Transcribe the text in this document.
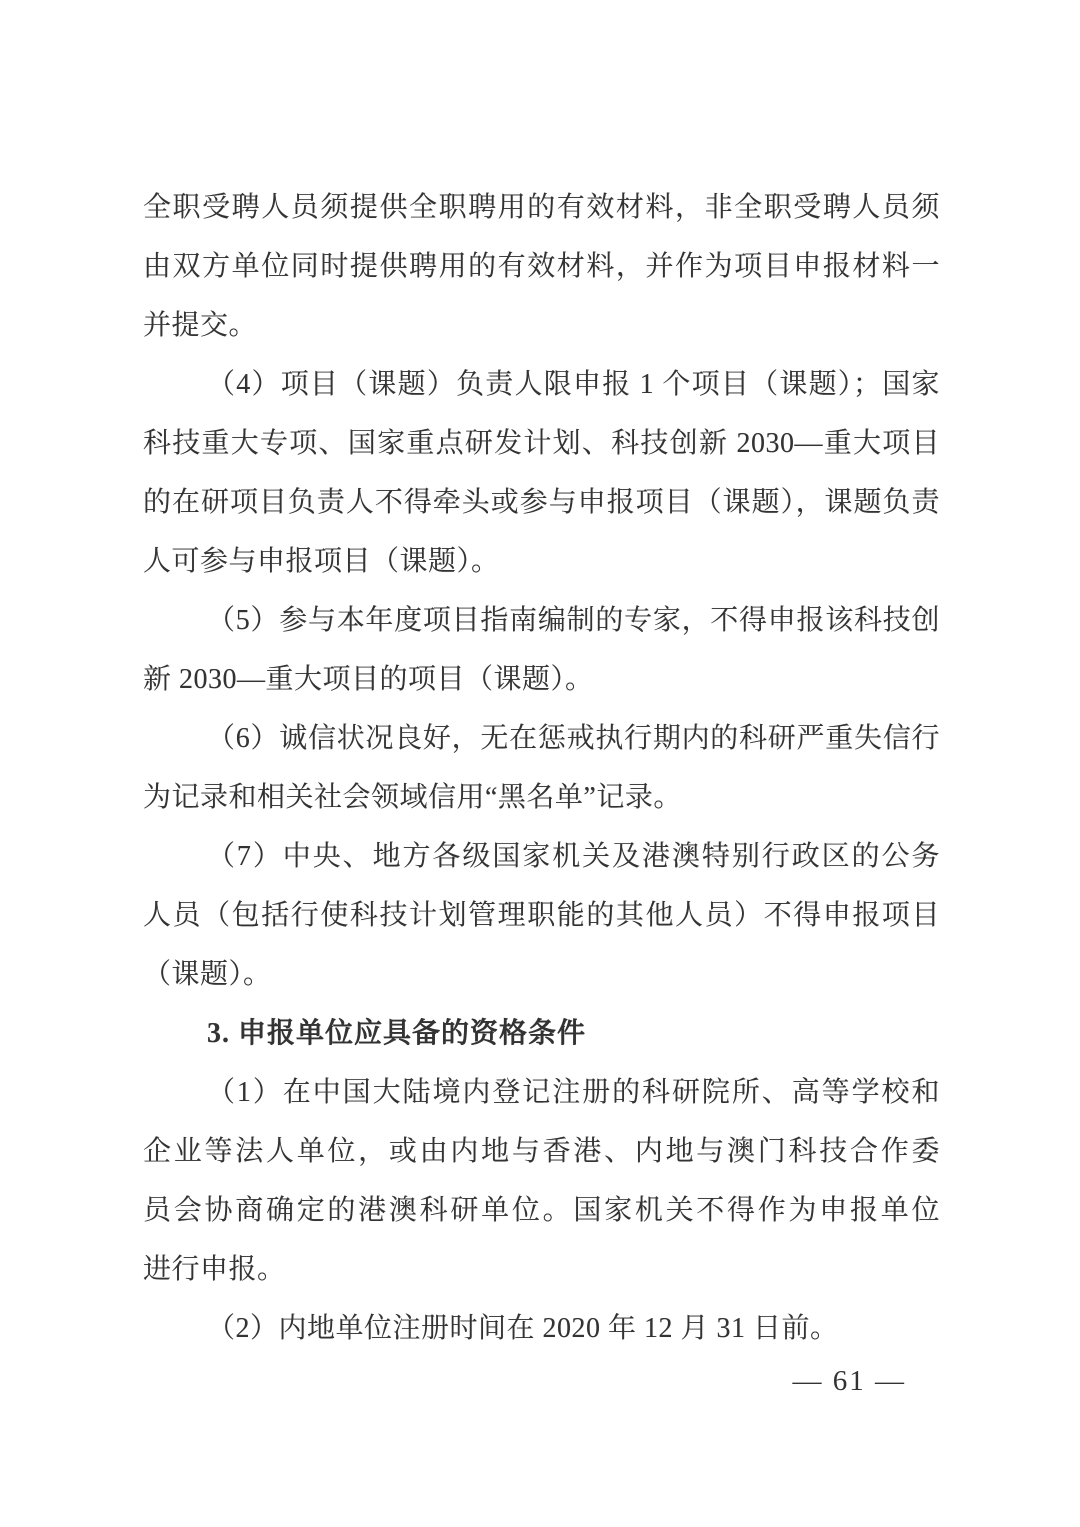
全职受聘人员须提供全职聘用的有效材料，非全职受聘人员须
由双方单位同时提供聘用的有效材料，并作为项目申报材料一
并提交。
（4）项目（课题）负责人限申报 1 个项目（课题）；国家
科技重大专项、国家重点研发计划、科技创新 2030—重大项目
的在研项目负责人不得牵头或参与申报项目（课题），课题负责
人可参与申报项目（课题）。
（5）参与本年度项目指南编制的专家，不得申报该科技创
新 2030—重大项目的项目（课题）。
（6）诚信状况良好，无在惩戒执行期内的科研严重失信行
为记录和相关社会领域信用“黑名单”记录。
（7）中央、地方各级国家机关及港澳特别行政区的公务
人员（包括行使科技计划管理职能的其他人员）不得申报项目
（课题）。
3. 申报单位应具备的资格条件
（1）在中国大陆境内登记注册的科研院所、高等学校和
企业等法人单位，或由内地与香港、内地与澳门科技合作委
员会协商确定的港澳科研单位。国家机关不得作为申报单位
进行申报。
（2）内地单位注册时间在 2020 年 12 月 31 日前。
— 61 —
